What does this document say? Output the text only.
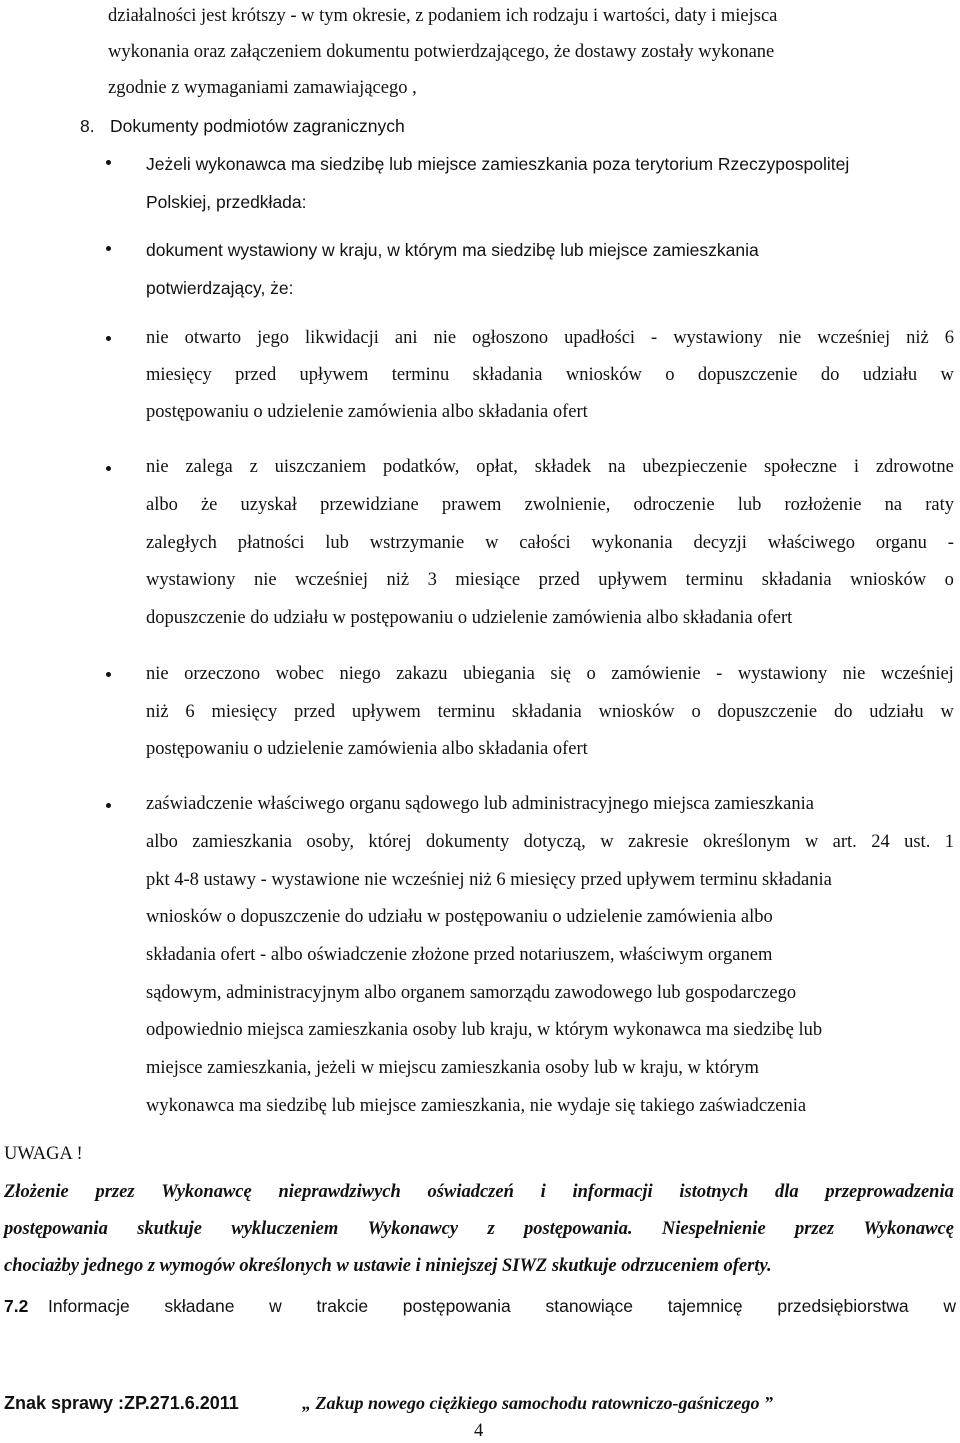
działalności jest krótszy - w tym okresie, z podaniem ich rodzaju i wartości, daty i miejsca
wykonania oraz załączeniem dokumentu potwierdzającego, że dostawy zostały wykonane
zgodnie z wymaganiami zamawiającego ,
8. Dokumenty podmiotów zagranicznych
Jeżeli wykonawca ma siedzibę lub miejsce zamieszkania poza terytorium Rzeczypospolitej
Polskiej, przedkłada:
dokument wystawiony w kraju, w którym ma siedzibę lub miejsce zamieszkania
potwierdzający, że:
nie otwarto jego likwidacji ani nie ogłoszono upadłości - wystawiony nie wcześniej niż 6
miesięcy przed upływem terminu składania wniosków o dopuszczenie do udziału w
postępowaniu o udzielenie zamówienia albo składania ofert
nie zalega z uiszczaniem podatków, opłat, składek na ubezpieczenie społeczne i zdrowotne
albo że uzyskał przewidziane prawem zwolnienie, odroczenie lub rozłożenie na raty
zaległych płatności lub wstrzymanie w całości wykonania decyzji właściwego organu -
wystawiony nie wcześniej niż 3 miesiące przed upływem terminu składania wniosków o
dopuszczenie do udziału w postępowaniu o udzielenie zamówienia albo składania ofert
nie orzeczono wobec niego zakazu ubiegania się o zamówienie - wystawiony nie wcześniej
niż 6 miesięcy przed upływem terminu składania wniosków o dopuszczenie do udziału w
postępowaniu o udzielenie zamówienia albo składania ofert
zaświadczenie właściwego organu sądowego lub administracyjnego miejsca zamieszkania
albo zamieszkania osoby, której dokumenty dotyczą, w zakresie określonym w art. 24 ust. 1
pkt 4-8 ustawy - wystawione nie wcześniej niż 6 miesięcy przed upływem terminu składania
wniosków o dopuszczenie do udziału w postępowaniu o udzielenie zamówienia albo
składania ofert - albo oświadczenie złożone przed notariuszem, właściwym organem
sądowym, administracyjnym albo organem samorządu zawodowego lub gospodarczego
odpowiednio miejsca zamieszkania osoby lub kraju, w którym wykonawca ma siedzibę lub
miejsce zamieszkania, jeżeli w miejscu zamieszkania osoby lub w kraju, w którym
wykonawca ma siedzibę lub miejsce zamieszkania, nie wydaje się takiego zaświadczenia
UWAGA !
Złożenie przez Wykonawcę nieprawdziwych oświadczeń i informacji istotnych dla przeprowadzenia
postępowania skutkuje wykluczeniem Wykonawcy z postępowania. Niespełnienie przez Wykonawcę
chociażby jednego z wymogów określonych w ustawie i niniejszej SIWZ skutkuje odrzuceniem oferty.
7.2 Informacje składane w trakcie postępowania stanowiące tajemnicę przedsiębiorstwa w
Znak sprawy :ZP.271.6.2011	„ Zakup nowego ciężkiego samochodu ratowniczo-gaśniczego ”
4
